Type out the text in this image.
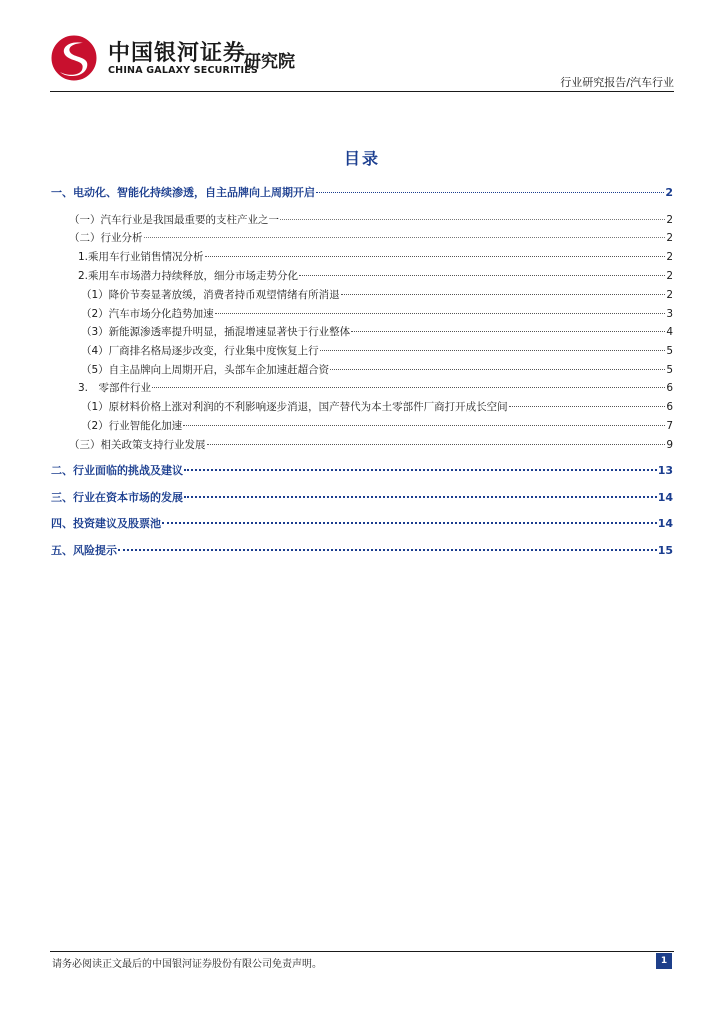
中国银河证券
CHINA GALAXY SECURITIES
研究院
行业研究报告/汽车行业
目录
一、电动化、智能化持续渗透，自主品牌向上周期开启	2
（一）汽车行业是我国最重要的支柱产业之一	2
（二）行业分析	2
1.乘用车行业销售情况分析	2
2.乘用车市场潜力持续释放，细分市场走势分化	2
（1）降价节奏显著放缓，消费者持币观望情绪有所消退	2
（2）汽车市场分化趋势加速	3
（3）新能源渗透率提升明显，插混增速显著快于行业整体	4
（4）厂商排名格局逐步改变，行业集中度恢复上行	5
（5）自主品牌向上周期开启，头部车企加速赶超合资	5
3.　零部件行业	6
（1）原材料价格上涨对利润的不利影响逐步消退，国产替代为本土零部件厂商打开成长空间	6
（2）行业智能化加速	7
（三）相关政策支持行业发展	9
二、行业面临的挑战及建议	13
三、行业在资本市场的发展	14
四、投资建议及股票池	14
五、风险提示	15
请务必阅读正文最后的中国银河证券股份有限公司免责声明。	1
